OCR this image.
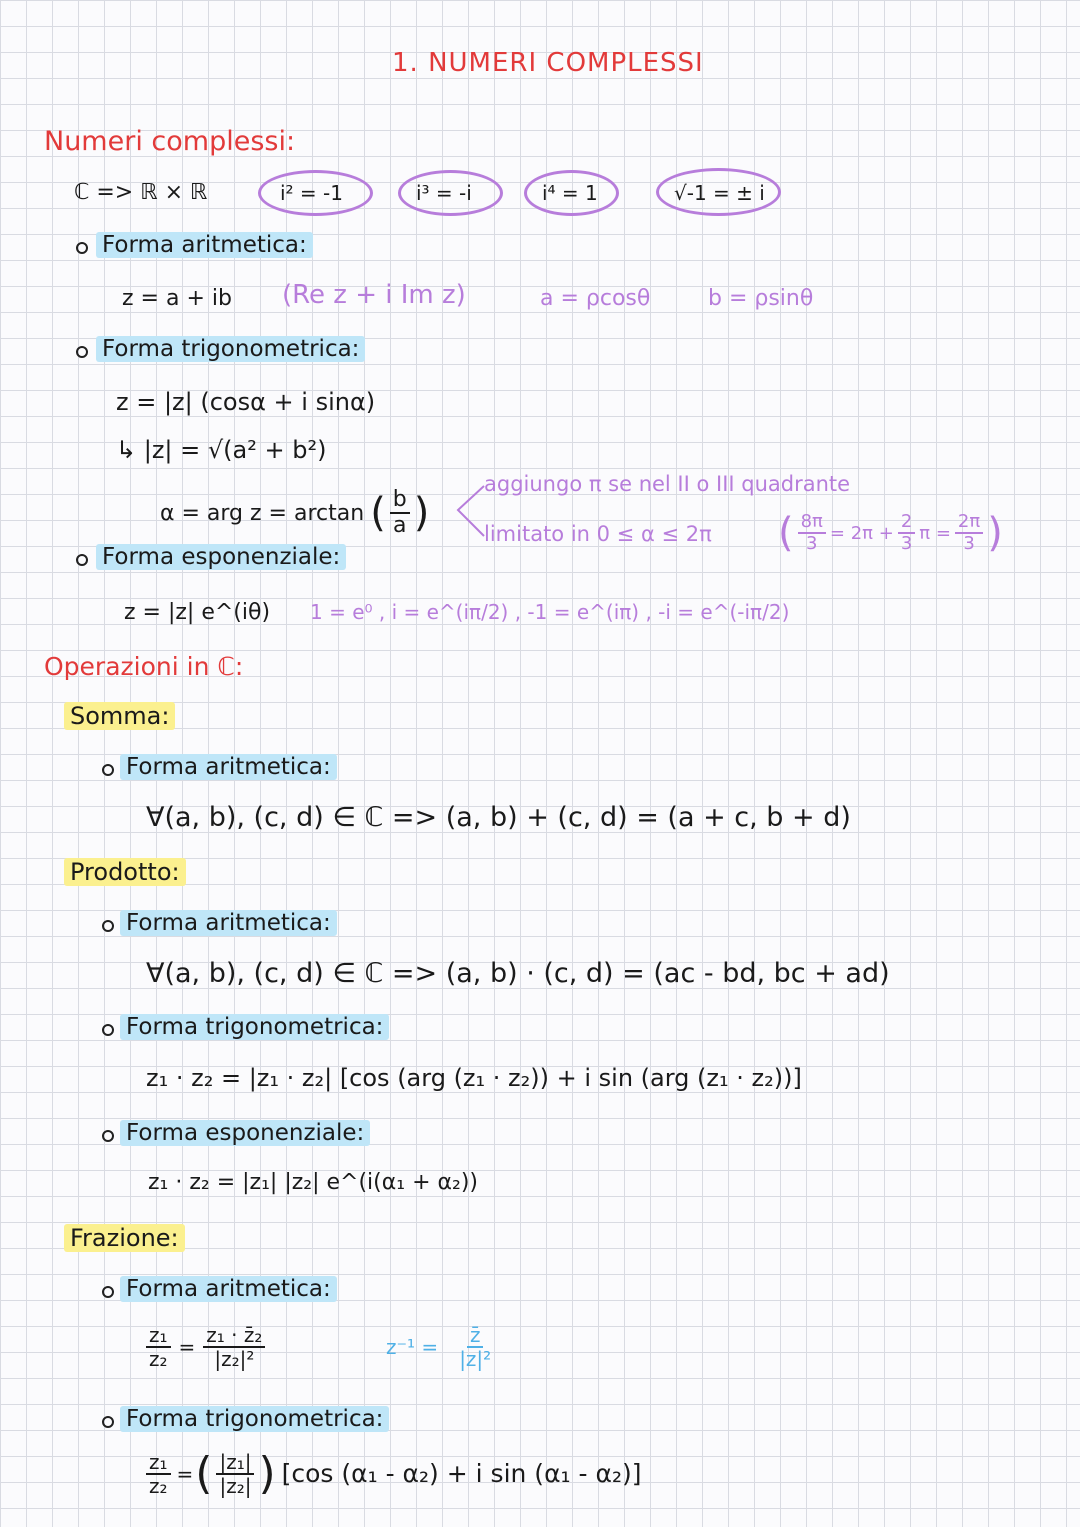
1. NUMERI COMPLESSI
Numeri complessi:
ℂ => ℝ × ℝ	i² = -1	i³ = -i	i⁴ = 1	√-1 = ± i
Forma aritmetica:
z = a + ib (Re z + i Im z)	a = ρcosθ	b = ρsinθ
Forma trigonometrica:
z = |z| (cosα + i sinα)
↳ |z| = √(a² + b²)
α = arg z = arctan ( $\frac{b}{a}$ )
aggiungo π se nel II o III quadrante
limitato in 0 ≤ α ≤ 2π ( $\frac{8\pi}{3} = 2\pi + \frac{2}{3}$ $\pi = \frac{2\pi}{3}$ )
Forma esponenziale:
z = |z| e^(iθ) 1 = e⁰ , i = e^(iπ/2) , -1 = e^(iπ) , -i = e^(-iπ/2)
Operazioni in ℂ:
Somma:
Forma aritmetica:
∀(a, b), (c, d) ∈ ℂ => (a, b) + (c, d) = (a + c, b + d)
Prodotto:
Forma aritmetica:
∀(a, b), (c, d) ∈ ℂ => (a, b) · (c, d) = (ac - bd, bc + ad)
Forma trigonometrica:
z₁ · z₂ = |z₁ · z₂| [cos (arg (z₁ · z₂)) + i sin (arg (z₁ · z₂))]
Forma esponenziale:
z₁ · z₂ = |z₁| |z₂| e^(i(α₁ + α₂))
Frazione:
Forma aritmetica:
$\frac{\text{z₁}}{\text{z₂}} = \frac{\text{z₁ · z̄₂}}{\text{|z₂|²}}$	$z^{-1} = \frac{z̄}{\text{|z|²}}$
Forma trigonometrica:
$\frac{\text{z₁}}{\text{z₂}}$ = ( $\frac{\text{|z₁|}}{\text{|z₂|}}$ ) [cos (α₁ - α₂) + i sin (α₁ - α₂)]
